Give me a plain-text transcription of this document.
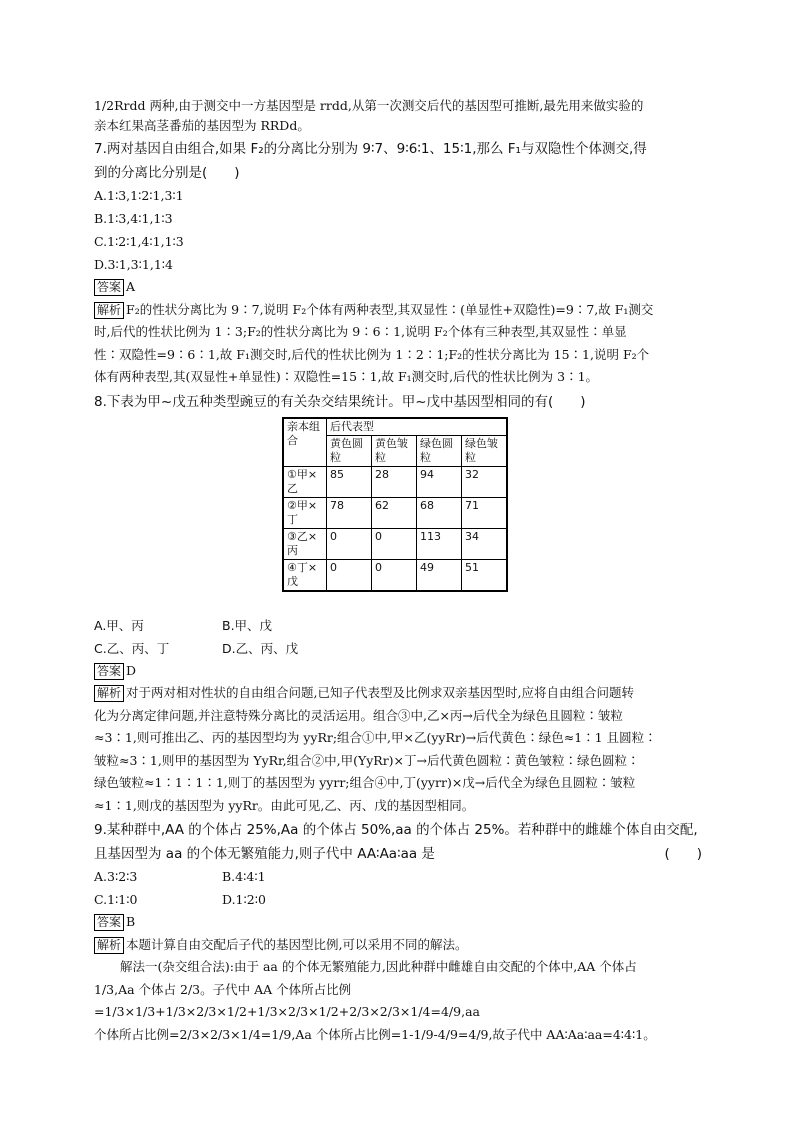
1/2Rrdd 两种,由于测交中一方基因型是 rrdd,从第一次测交后代的基因型可推断,最先用来做实验的
亲本红果高茎番茄的基因型为 RRDd。
7.两对基因自由组合,如果 F₂的分离比分别为 9∶7、9∶6∶1、15∶1,那么 F₁与双隐性个体测交,得
到的分离比分别是(　　)
A.1∶3,1∶2∶1,3∶1
B.1∶3,4∶1,1∶3
C.1∶2∶1,4∶1,1∶3
D.3∶1,3∶1,1∶4
答案 A
解析 F₂的性状分离比为 9∶7,说明 F₂个体有两种表型,其双显性∶(单显性+双隐性)=9∶7,故 F₁测交
时,后代的性状比例为 1∶3;F₂的性状分离比为 9∶6∶1,说明 F₂个体有三种表型,其双显性∶单显
性∶双隐性=9∶6∶1,故 F₁测交时,后代的性状比例为 1∶2∶1;F₂的性状分离比为 15∶1,说明 F₂个
体有两种表型,其(双显性+单显性)∶双隐性=15∶1,故 F₁测交时,后代的性状比例为 3∶1。
8.下表为甲~戊五种类型豌豆的有关杂交结果统计。甲~戊中基因型相同的有(　　)
亲本组合	后代表型			
	黄色圆粒	黄色皱粒	绿色圆粒	绿色皱粒
①甲×乙	85	28	94	32
②甲×丁	78	62	68	71
③乙×丙	0	0	113	34
④丁×戊	0	0	49	51
A.甲、丙	B.甲、戊
C.乙、丙、丁	D.乙、丙、戊
答案 D
解析 对于两对相对性状的自由组合问题,已知子代表型及比例求双亲基因型时,应将自由组合问题转
化为分离定律问题,并注意特殊分离比的灵活运用。组合③中,乙×丙→后代全为绿色且圆粒∶皱粒
≈3∶1,则可推出乙、丙的基因型均为 yyRr;组合①中,甲×乙(yyRr)→后代黄色∶绿色≈1∶1 且圆粒∶
皱粒≈3∶1,则甲的基因型为 YyRr,组合②中,甲(YyRr)×丁→后代黄色圆粒∶黄色皱粒∶绿色圆粒∶
绿色皱粒≈1∶1∶1∶1,则丁的基因型为 yyrr;组合④中,丁(yyrr)×戊→后代全为绿色且圆粒∶皱粒
≈1∶1,则戊的基因型为 yyRr。由此可见,乙、丙、戊的基因型相同。
9.某种群中,AA 的个体占 25%,Aa 的个体占 50%,aa 的个体占 25%。若种群中的雌雄个体自由交配,
且基因型为 aa 的个体无繁殖能力,则子代中 AA∶Aa∶aa 是	(　　)
A.3∶2∶3	B.4∶4∶1
C.1∶1∶0	D.1∶2∶0
答案 B
解析 本题计算自由交配后子代的基因型比例,可以采用不同的解法。
解法一(杂交组合法):由于 aa 的个体无繁殖能力,因此种群中雌雄自由交配的个体中,AA 个体占
1/3,Aa 个体占 2/3。子代中 AA 个体所占比例=1/3×1/3+1/3×2/3×1/2+1/3×2/3×1/2+2/3×2/3×1/4=4/9,aa
个体所占比例=2/3×2/3×1/4=1/9,Aa 个体所占比例=1-1/9-4/9=4/9,故子代中 AA∶Aa∶aa=4∶4∶1。
